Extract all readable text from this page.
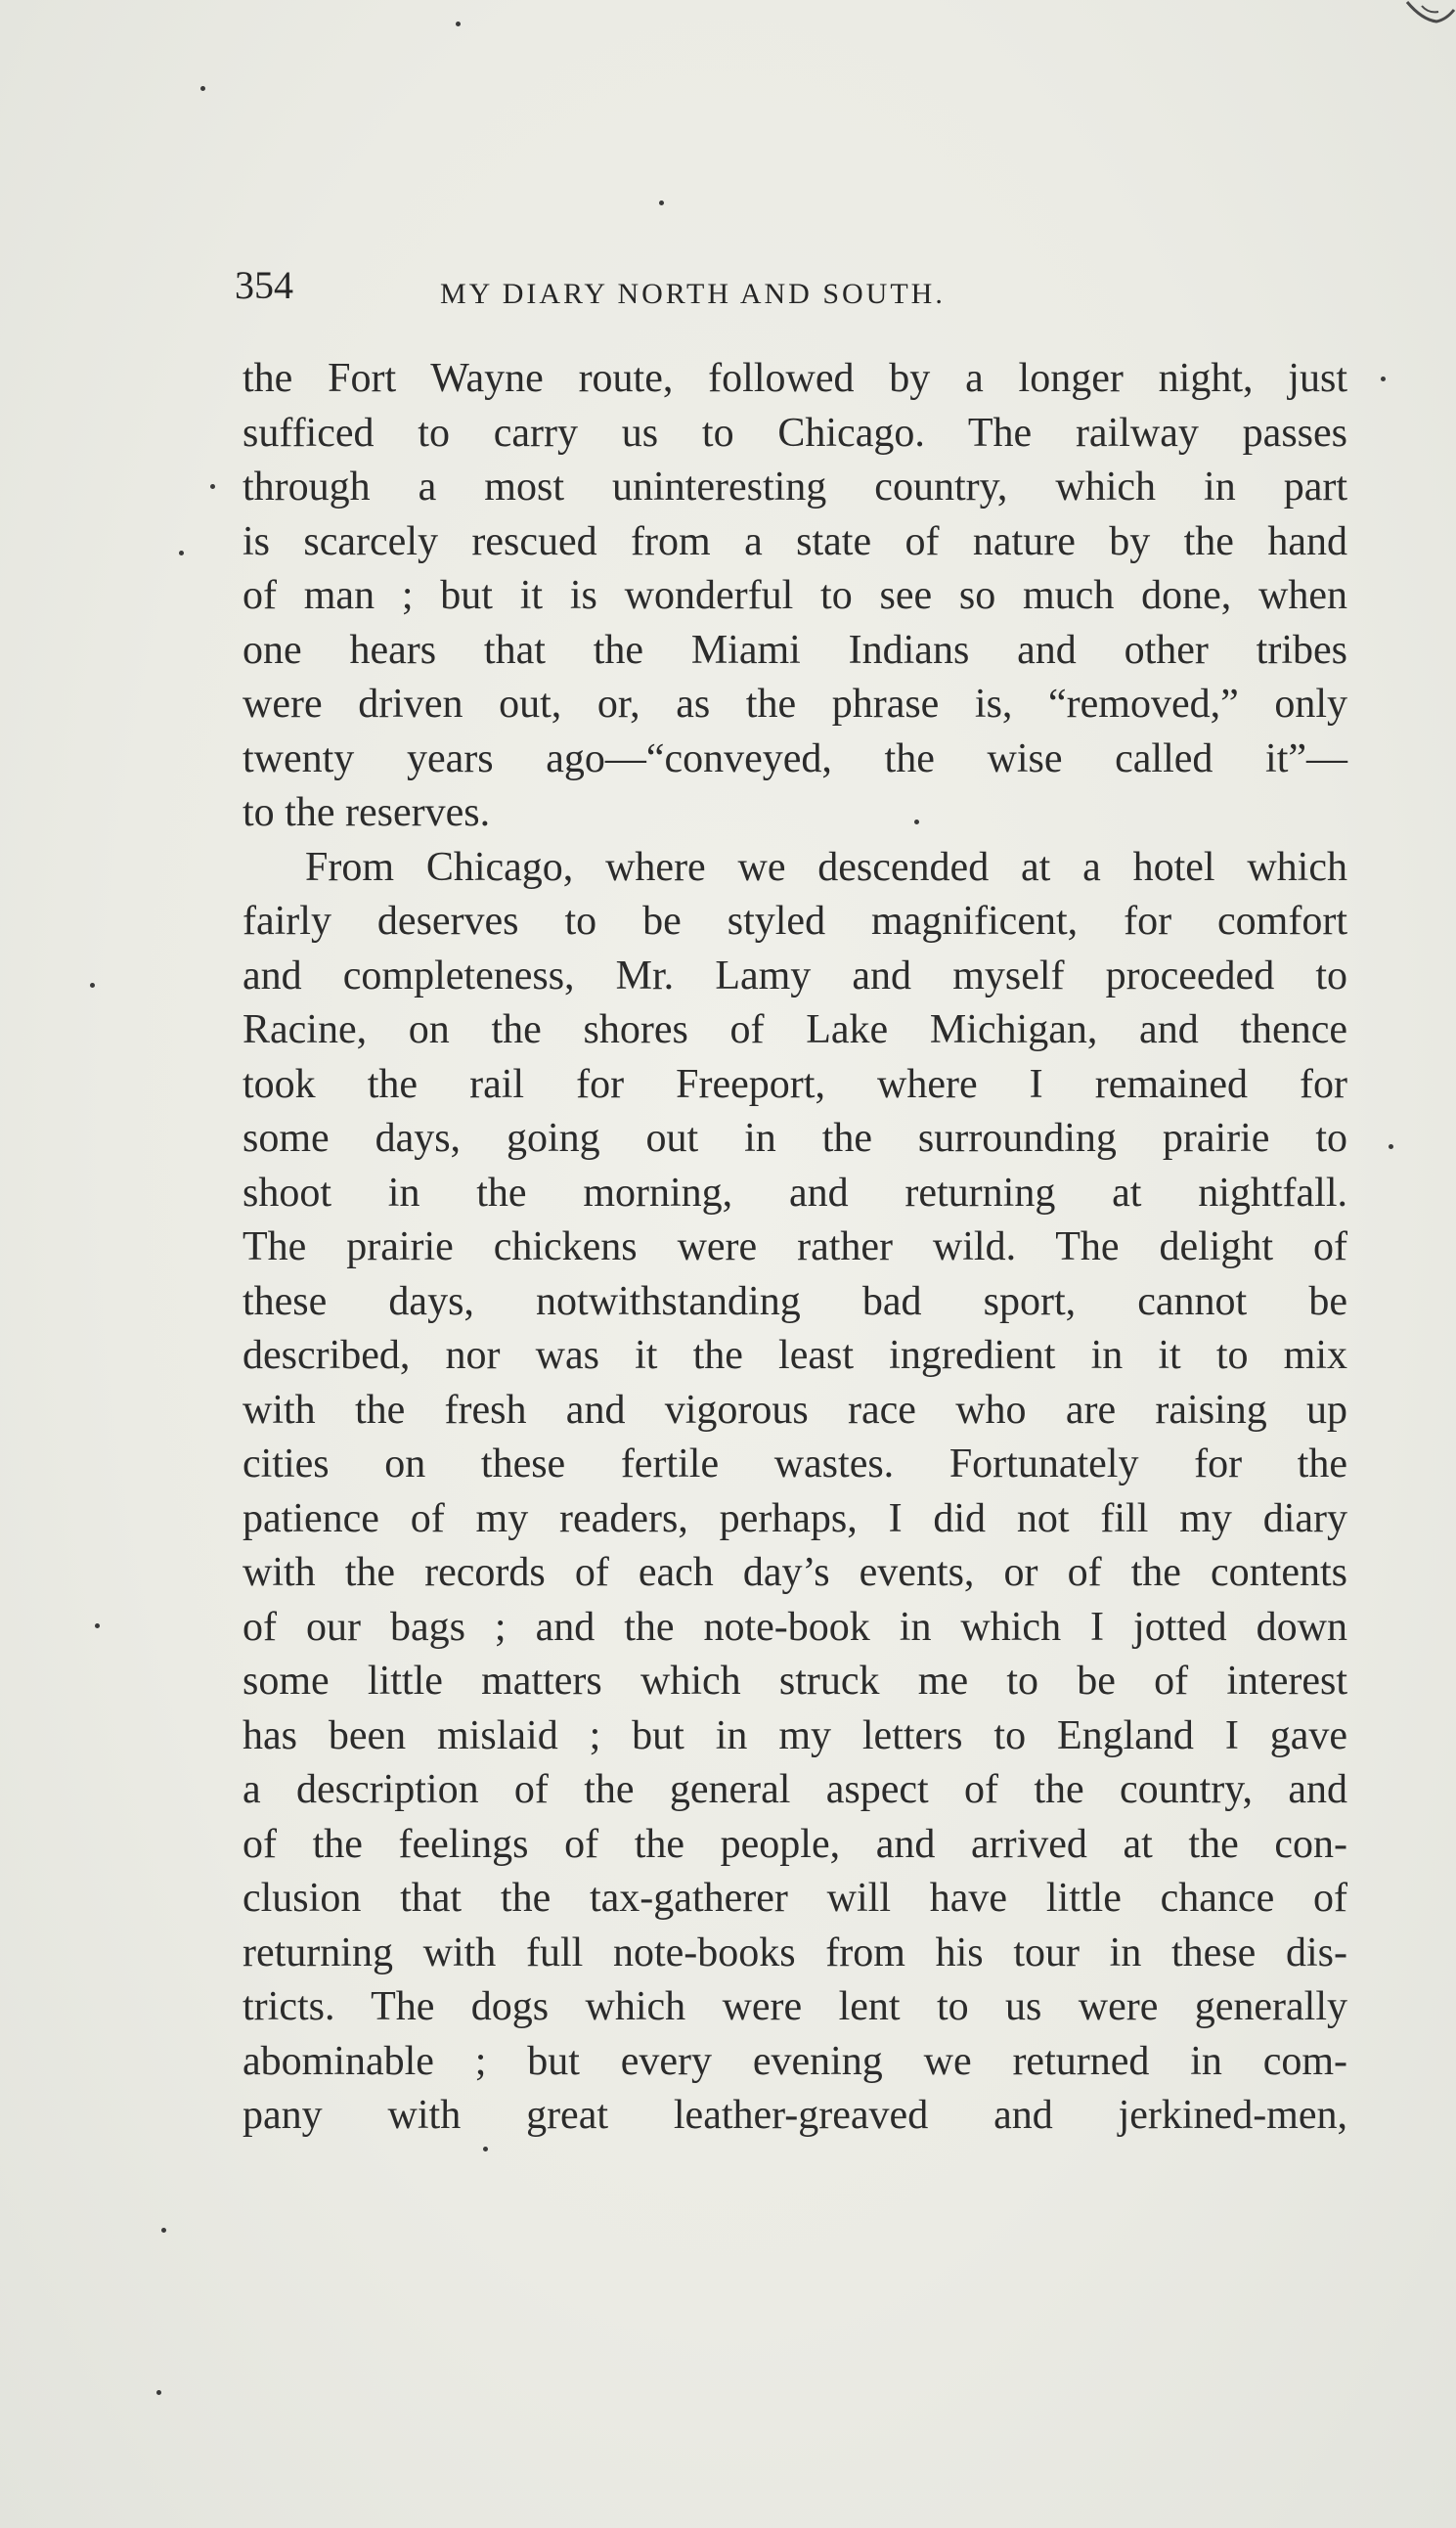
354	MY DIARY NORTH AND SOUTH.
the Fort Wayne route, followed by a longer night, just
sufficed to carry us to Chicago. The railway passes
through a most uninteresting country, which in part
is scarcely rescued from a state of nature by the hand
of man ; but it is wonderful to see so much done, when
one hears that the Miami Indians and other tribes
were driven out, or, as the phrase is, “removed,” only
twenty years ago—“conveyed, the wise called it”—
to the reserves.
From Chicago, where we descended at a hotel which
fairly deserves to be styled magnificent, for comfort
and completeness, Mr. Lamy and myself proceeded to
Racine, on the shores of Lake Michigan, and thence
took the rail for Freeport, where I remained for
some days, going out in the surrounding prairie to
shoot in the morning, and returning at nightfall.
The prairie chickens were rather wild. The delight of
these days, notwithstanding bad sport, cannot be
described, nor was it the least ingredient in it to mix
with the fresh and vigorous race who are raising up
cities on these fertile wastes. Fortunately for the
patience of my readers, perhaps, I did not fill my diary
with the records of each day’s events, or of the contents
of our bags ; and the note-book in which I jotted down
some little matters which struck me to be of interest
has been mislaid ; but in my letters to England I gave
a description of the general aspect of the country, and
of the feelings of the people, and arrived at the con-
clusion that the tax-gatherer will have little chance of
returning with full note-books from his tour in these dis-
tricts. The dogs which were lent to us were generally
abominable ; but every evening we returned in com-
pany with great leather-greaved and jerkined-men,
